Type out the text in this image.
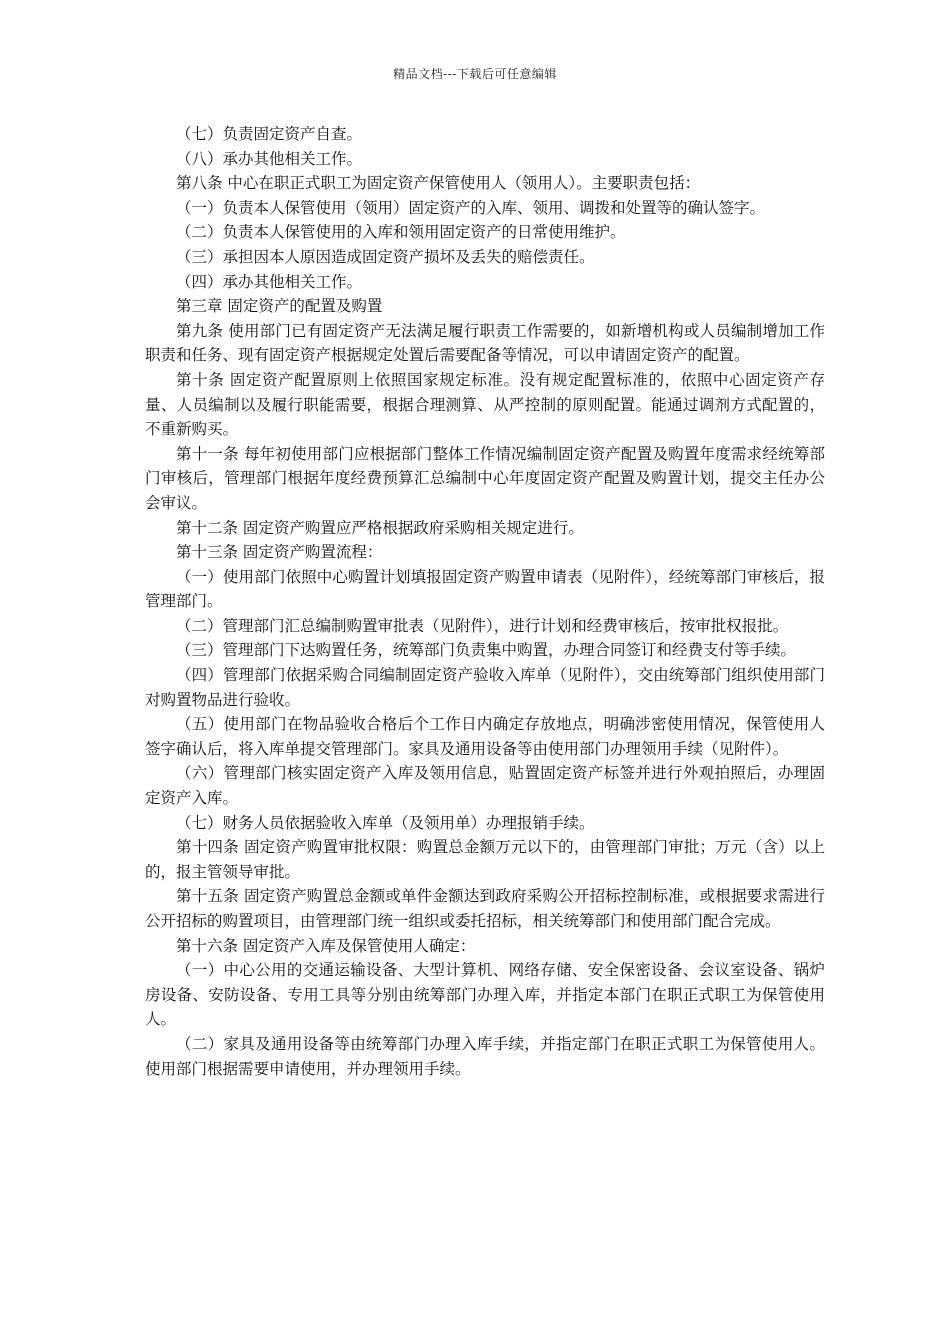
精品文档---下载后可任意编辑

（七）负责固定资产自查。

（八）承办其他相关工作。

第八条 中心在职正式职工为固定资产保管使用人（领用人）。主要职责包括：

（一）负责本人保管使用（领用）固定资产的入库、领用、调拨和处置等的确认签字。

（二）负责本人保管使用的入库和领用固定资产的日常使用维护。

（三）承担因本人原因造成固定资产损坏及丢失的赔偿责任。

（四）承办其他相关工作。

第三章 固定资产的配置及购置

第九条 使用部门已有固定资产无法满足履行职责工作需要的，如新增机构或人员编制增加工作职责和任务、现有固定资产根据规定处置后需要配备等情况，可以申请固定资产的配置。

第十条 固定资产配置原则上依照国家规定标准。没有规定配置标准的，依照中心固定资产存量、人员编制以及履行职能需要，根据合理测算、从严控制的原则配置。能通过调剂方式配置的，不重新购买。

第十一条 每年初使用部门应根据部门整体工作情况编制固定资产配置及购置年度需求经统筹部门审核后，管理部门根据年度经费预算汇总编制中心年度固定资产配置及购置计划，提交主任办公会审议。

第十二条 固定资产购置应严格根据政府采购相关规定进行。

第十三条 固定资产购置流程：

（一）使用部门依照中心购置计划填报固定资产购置申请表（见附件），经统筹部门审核后，报管理部门。

（二）管理部门汇总编制购置审批表（见附件），进行计划和经费审核后，按审批权报批。

（三）管理部门下达购置任务，统筹部门负责集中购置，办理合同签订和经费支付等手续。

（四）管理部门依据采购合同编制固定资产验收入库单（见附件），交由统筹部门组织使用部门对购置物品进行验收。

（五）使用部门在物品验收合格后个工作日内确定存放地点，明确涉密使用情况，保管使用人签字确认后，将入库单提交管理部门。家具及通用设备等由使用部门办理领用手续（见附件）。

（六）管理部门核实固定资产入库及领用信息，贴置固定资产标签并进行外观拍照后，办理固定资产入库。

（七）财务人员依据验收入库单（及领用单）办理报销手续。

第十四条 固定资产购置审批权限：购置总金额万元以下的，由管理部门审批；万元（含）以上的，报主管领导审批。

第十五条 固定资产购置总金额或单件金额达到政府采购公开招标控制标准，或根据要求需进行公开招标的购置项目，由管理部门统一组织或委托招标，相关统筹部门和使用部门配合完成。

第十六条 固定资产入库及保管使用人确定：

（一）中心公用的交通运输设备、大型计算机、网络存储、安全保密设备、会议室设备、锅炉房设备、安防设备、专用工具等分别由统筹部门办理入库，并指定本部门在职正式职工为保管使用人。

（二）家具及通用设备等由统筹部门办理入库手续，并指定部门在职正式职工为保管使用人。使用部门根据需要申请使用，并办理领用手续。
